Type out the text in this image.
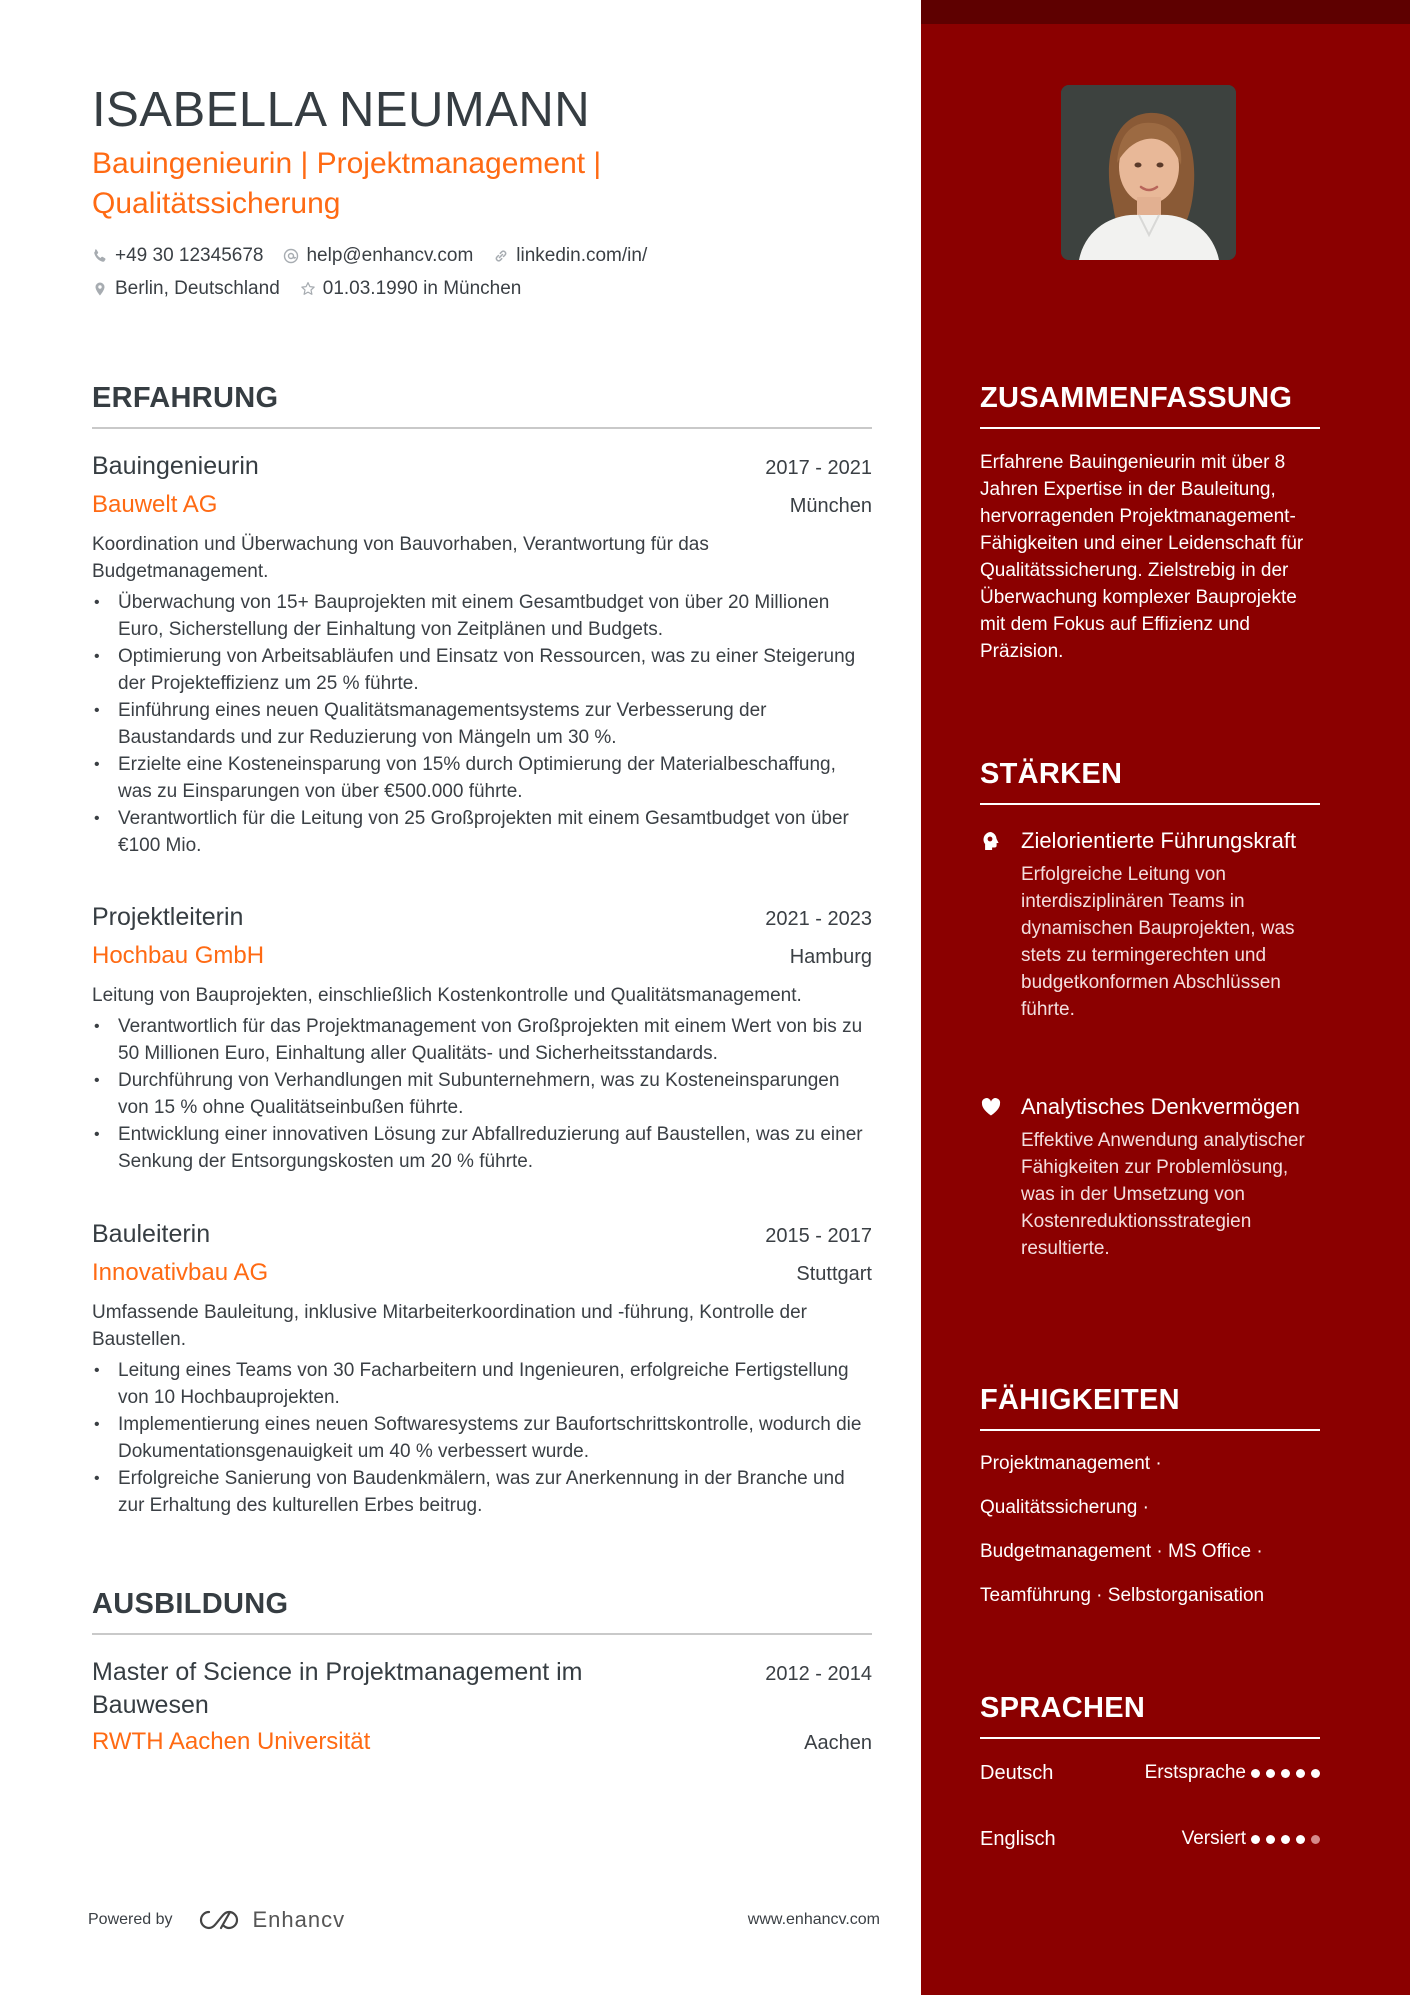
ISABELLA NEUMANN
Bauingenieurin | Projektmanagement | Qualitätssicherung
+49 30 12345678 help@enhancv.com linkedin.com/in/
Berlin, Deutschland 01.03.1990 in München
ERFAHRUNG
Bauingenieurin	2017 - 2021
Bauwelt AG	München
Koordination und Überwachung von Bauvorhaben, Verantwortung für das Budgetmanagement.
• Überwachung von 15+ Bauprojekten mit einem Gesamtbudget von über 20 Millionen Euro, Sicherstellung der Einhaltung von Zeitplänen und Budgets.
• Optimierung von Arbeitsabläufen und Einsatz von Ressourcen, was zu einer Steigerung der Projekteffizienz um 25 % führte.
• Einführung eines neuen Qualitätsmanagementsystems zur Verbesserung der Baustandards und zur Reduzierung von Mängeln um 30 %.
• Erzielte eine Kosteneinsparung von 15% durch Optimierung der Materialbeschaffung, was zu Einsparungen von über €500.000 führte.
• Verantwortlich für die Leitung von 25 Großprojekten mit einem Gesamtbudget von über €100 Mio.
Projektleiterin	2021 - 2023
Hochbau GmbH	Hamburg
Leitung von Bauprojekten, einschließlich Kostenkontrolle und Qualitätsmanagement.
• Verantwortlich für das Projektmanagement von Großprojekten mit einem Wert von bis zu 50 Millionen Euro, Einhaltung aller Qualitäts- und Sicherheitsstandards.
• Durchführung von Verhandlungen mit Subunternehmern, was zu Kosteneinsparungen von 15 % ohne Qualitätseinbußen führte.
• Entwicklung einer innovativen Lösung zur Abfallreduzierung auf Baustellen, was zu einer Senkung der Entsorgungskosten um 20 % führte.
Bauleiterin	2015 - 2017
Innovativbau AG	Stuttgart
Umfassende Bauleitung, inklusive Mitarbeiterkoordination und -führung, Kontrolle der Baustellen.
• Leitung eines Teams von 30 Facharbeitern und Ingenieuren, erfolgreiche Fertigstellung von 10 Hochbauprojekten.
• Implementierung eines neuen Softwaresystems zur Baufortschrittskontrolle, wodurch die Dokumentationsgenauigkeit um 40 % verbessert wurde.
• Erfolgreiche Sanierung von Baudenkmälern, was zur Anerkennung in der Branche und zur Erhaltung des kulturellen Erbes beitrug.
AUSBILDUNG
Master of Science in Projektmanagement im Bauwesen
2012 - 2014
RWTH Aachen Universität	Aachen
Powered by	Enhancv	www.enhancv.com
ZUSAMMENFASSUNG

Erfahrene Bauingenieurin mit über 8 Jahren Expertise in der Bauleitung, hervorragenden Projektmanagement-Fähigkeiten und einer Leidenschaft für Qualitätssicherung. Zielstrebig in der Überwachung komplexer Bauprojekte mit dem Fokus auf Effizienz und Präzision.

STÄRKEN
Zielorientierte Führungskraft
Erfolgreiche Leitung von interdisziplinären Teams in dynamischen Bauprojekten, was stets zu termingerechten und budgetkonformen Abschlüssen führte.
Analytisches Denkvermögen
Effektive Anwendung analytischer Fähigkeiten zur Problemlösung, was in der Umsetzung von Kostenreduktionsstrategien resultierte.
FÄHIGKEITEN
Projektmanagement ·
Qualitätssicherung ·
Budgetmanagement · MS Office ·
Teamführung · Selbstorganisation
SPRACHEN
Deutsch	Erstsprache
Englisch	Versiert
